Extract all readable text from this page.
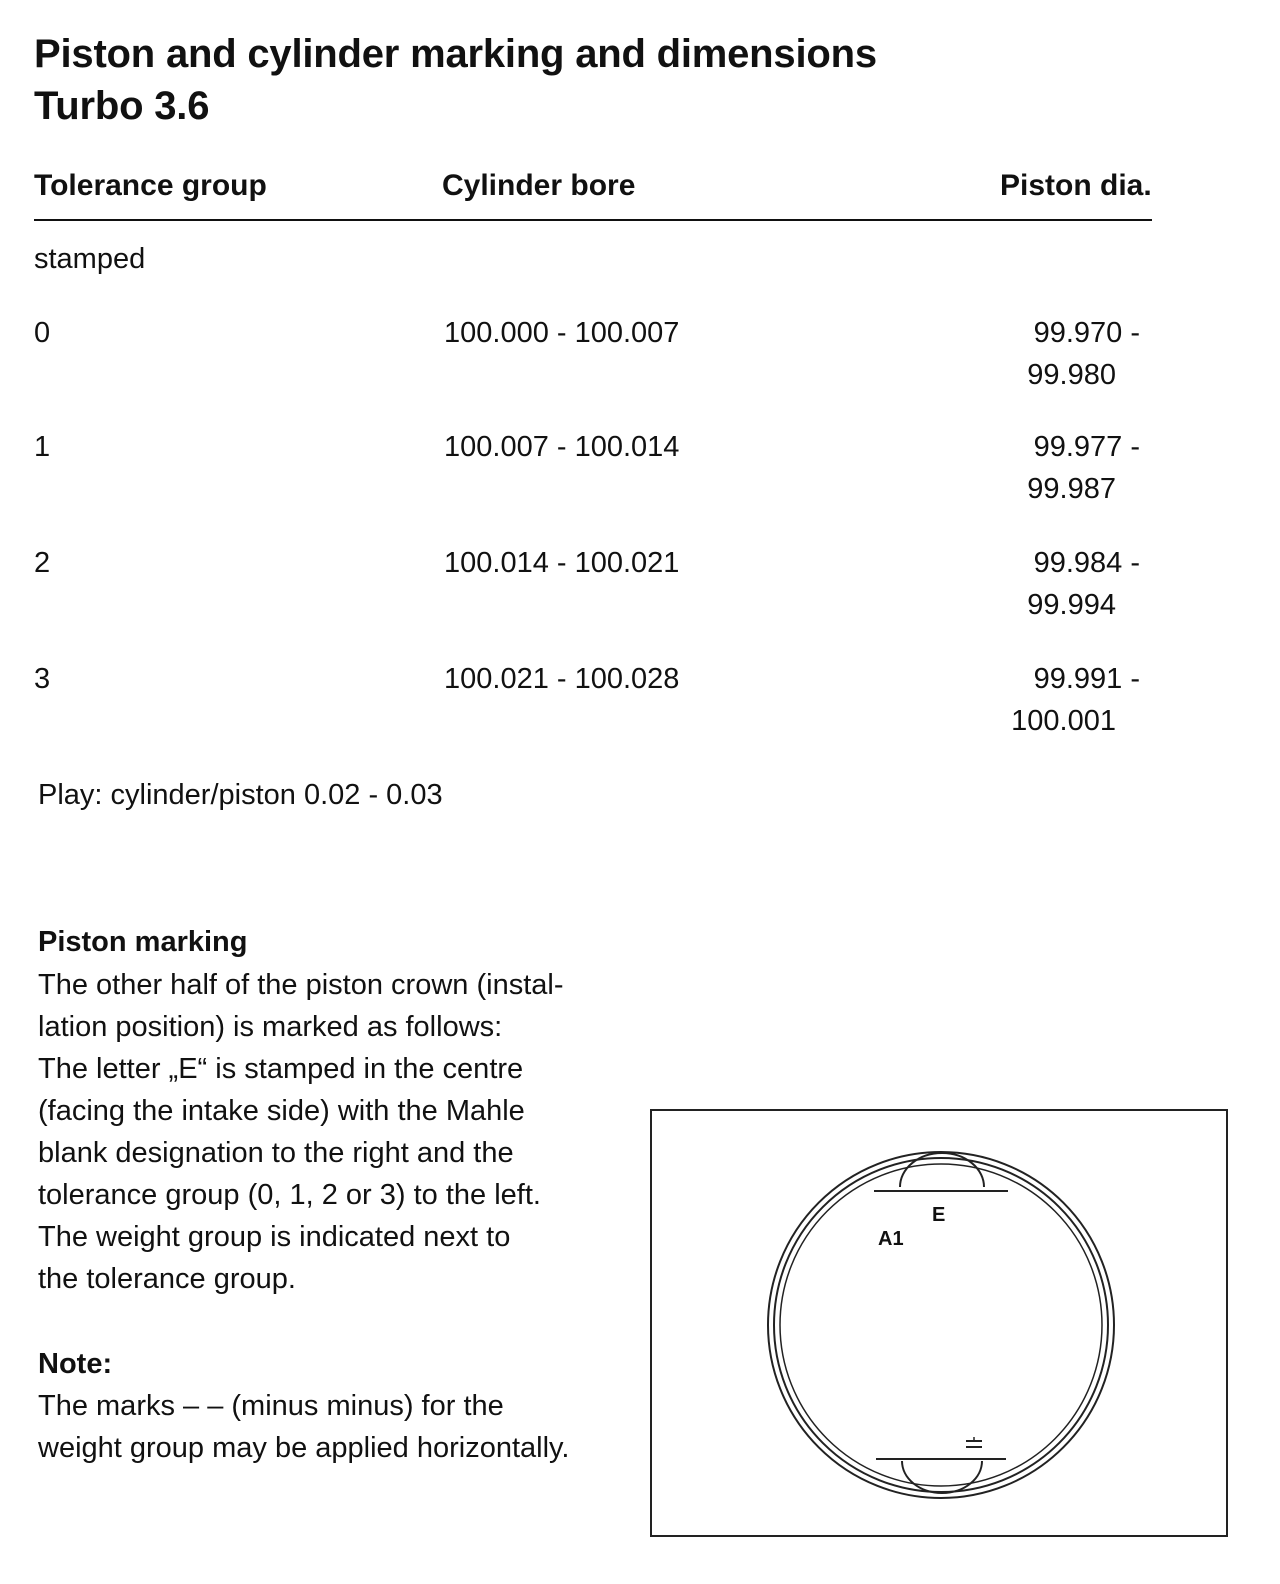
Piston and cylinder marking and dimensions
Turbo 3.6
Tolerance group	Cylinder bore	Piston dia.
stamped
0	100.000 - 100.007	99.970 -
99.980
1	100.007 - 100.014	99.977 -
99.987
2	100.014 - 100.021	99.984 -
99.994
3	100.021 - 100.028	99.991 -
100.001
Play: cylinder/piston 0.02 - 0.03
Piston marking

The other half of the piston crown (instal-
lation position) is marked as follows:
The letter „E“ is stamped in the centre
(facing the intake side) with the Mahle
blank designation to the right and the
tolerance group (0, 1, 2 or 3) to the left.
The weight group is indicated next to
the tolerance group.

Note:

The marks – – (minus minus) for the
weight group may be applied horizontally.

E
A1
